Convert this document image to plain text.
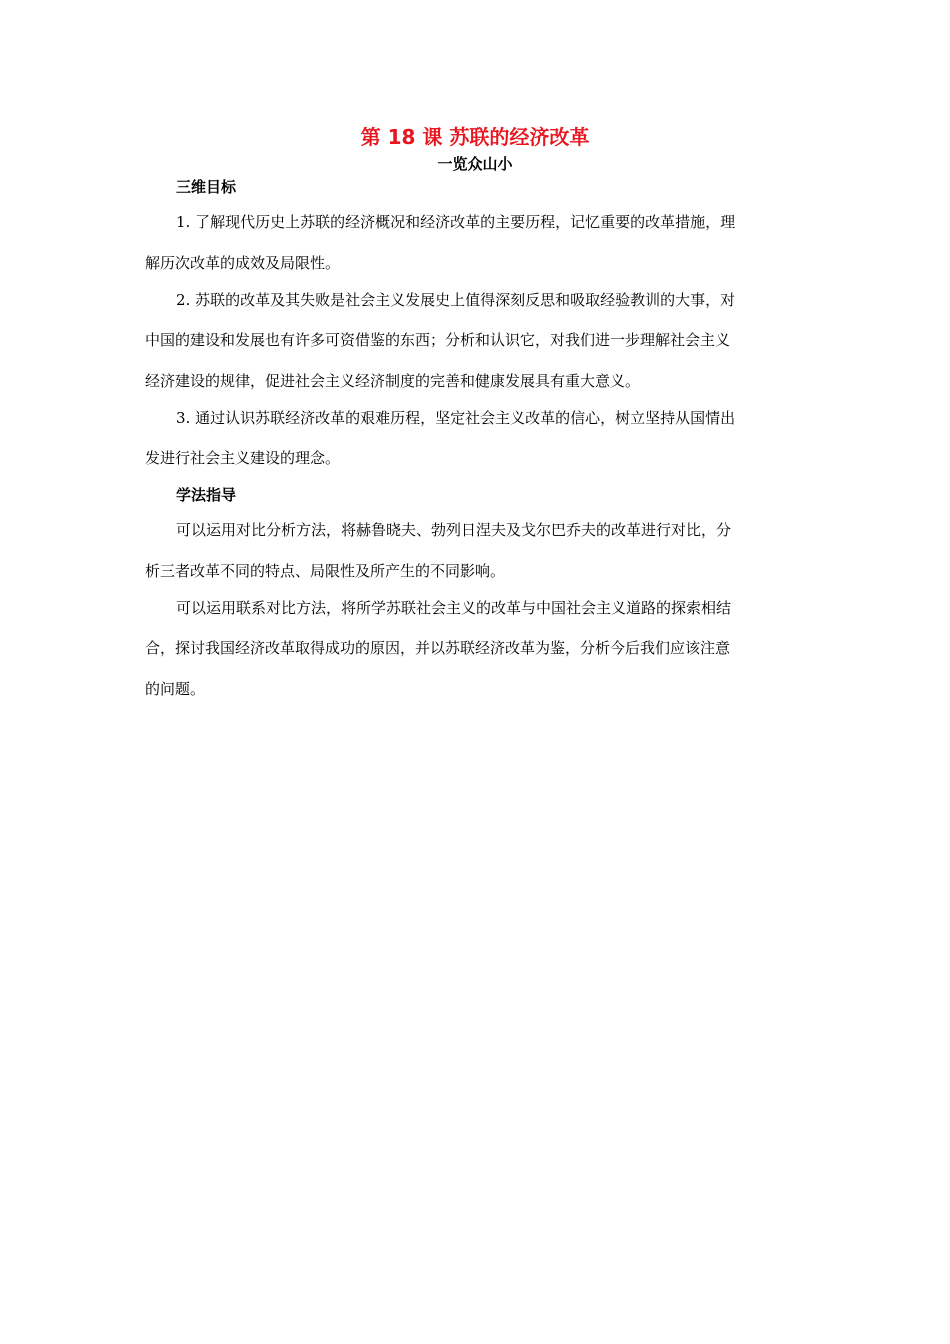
第 18 课 苏联的经济改革
一览众山小
三维目标
1. 了解现代历史上苏联的经济概况和经济改革的主要历程，记忆重要的改革措施，理
解历次改革的成效及局限性。
2. 苏联的改革及其失败是社会主义发展史上值得深刻反思和吸取经验教训的大事，对
中国的建设和发展也有许多可资借鉴的东西；分析和认识它，对我们进一步理解社会主义
经济建设的规律，促进社会主义经济制度的完善和健康发展具有重大意义。
3. 通过认识苏联经济改革的艰难历程，坚定社会主义改革的信心，树立坚持从国情出
发进行社会主义建设的理念。
学法指导
可以运用对比分析方法，将赫鲁晓夫、勃列日涅夫及戈尔巴乔夫的改革进行对比，分
析三者改革不同的特点、局限性及所产生的不同影响。
可以运用联系对比方法，将所学苏联社会主义的改革与中国社会主义道路的探索相结
合，探讨我国经济改革取得成功的原因，并以苏联经济改革为鉴，分析今后我们应该注意
的问题。
